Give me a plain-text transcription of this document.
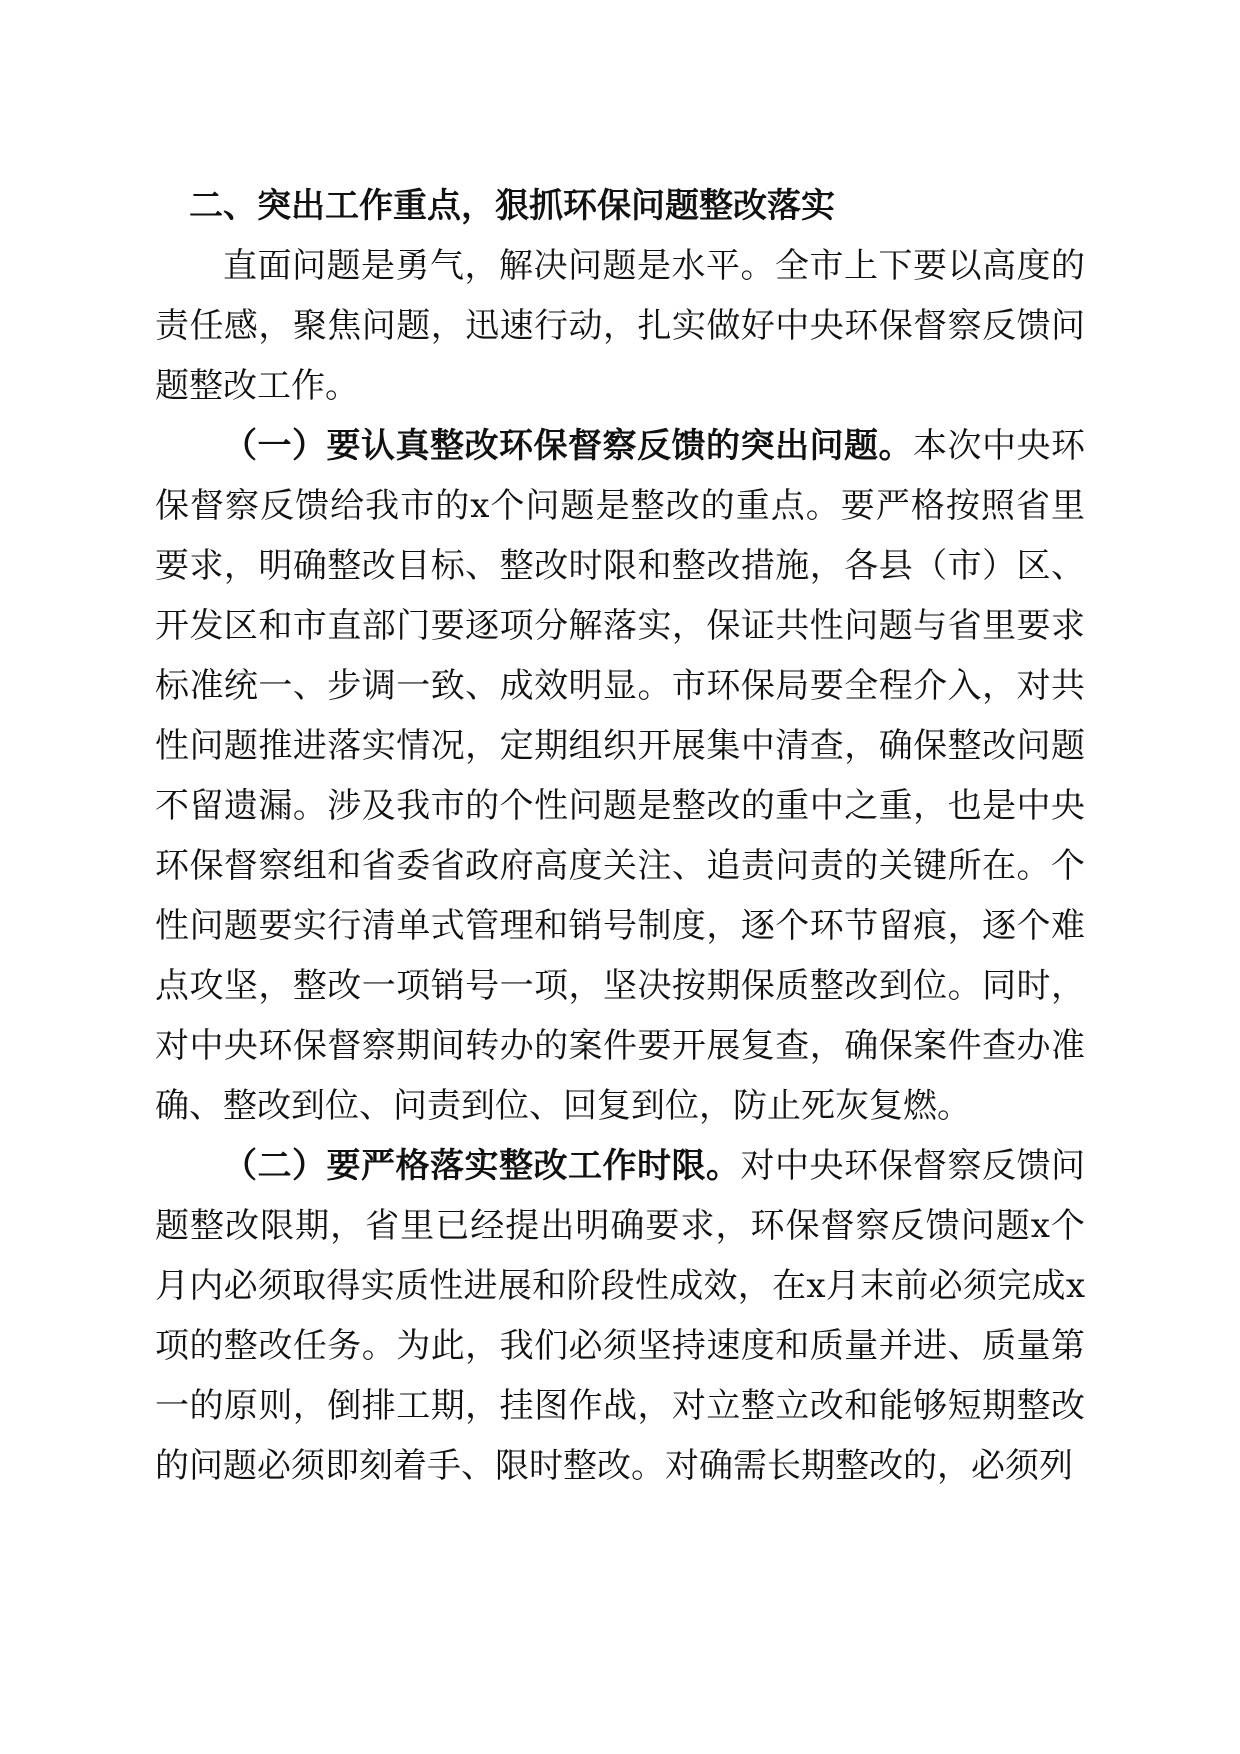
二、突出工作重点，狠抓环保问题整改落实

直面问题是勇气，解决问题是水平。全市上下要以高度的责任感，聚焦问题，迅速行动，扎实做好中央环保督察反馈问题整改工作。

（一）要认真整改环保督察反馈的突出问题。本次中央环保督察反馈给我市的x个问题是整改的重点。要严格按照省里要求，明确整改目标、整改时限和整改措施，各县（市）区、开发区和市直部门要逐项分解落实，保证共性问题与省里要求标准统一、步调一致、成效明显。市环保局要全程介入，对共性问题推进落实情况，定期组织开展集中清查，确保整改问题不留遗漏。涉及我市的个性问题是整改的重中之重，也是中央环保督察组和省委省政府高度关注、追责问责的关键所在。个性问题要实行清单式管理和销号制度，逐个环节留痕，逐个难点攻坚，整改一项销号一项，坚决按期保质整改到位。同时，对中央环保督察期间转办的案件要开展复查，确保案件查办准确、整改到位、问责到位、回复到位，防止死灰复燃。

（二）要严格落实整改工作时限。对中央环保督察反馈问题整改限期，省里已经提出明确要求，环保督察反馈问题x个月内必须取得实质性进展和阶段性成效，在x月末前必须完成x项的整改任务。为此，我们必须坚持速度和质量并进、质量第一的原则，倒排工期，挂图作战，对立整立改和能够短期整改的问题必须即刻着手、限时整改。对确需长期整改的，必须列
